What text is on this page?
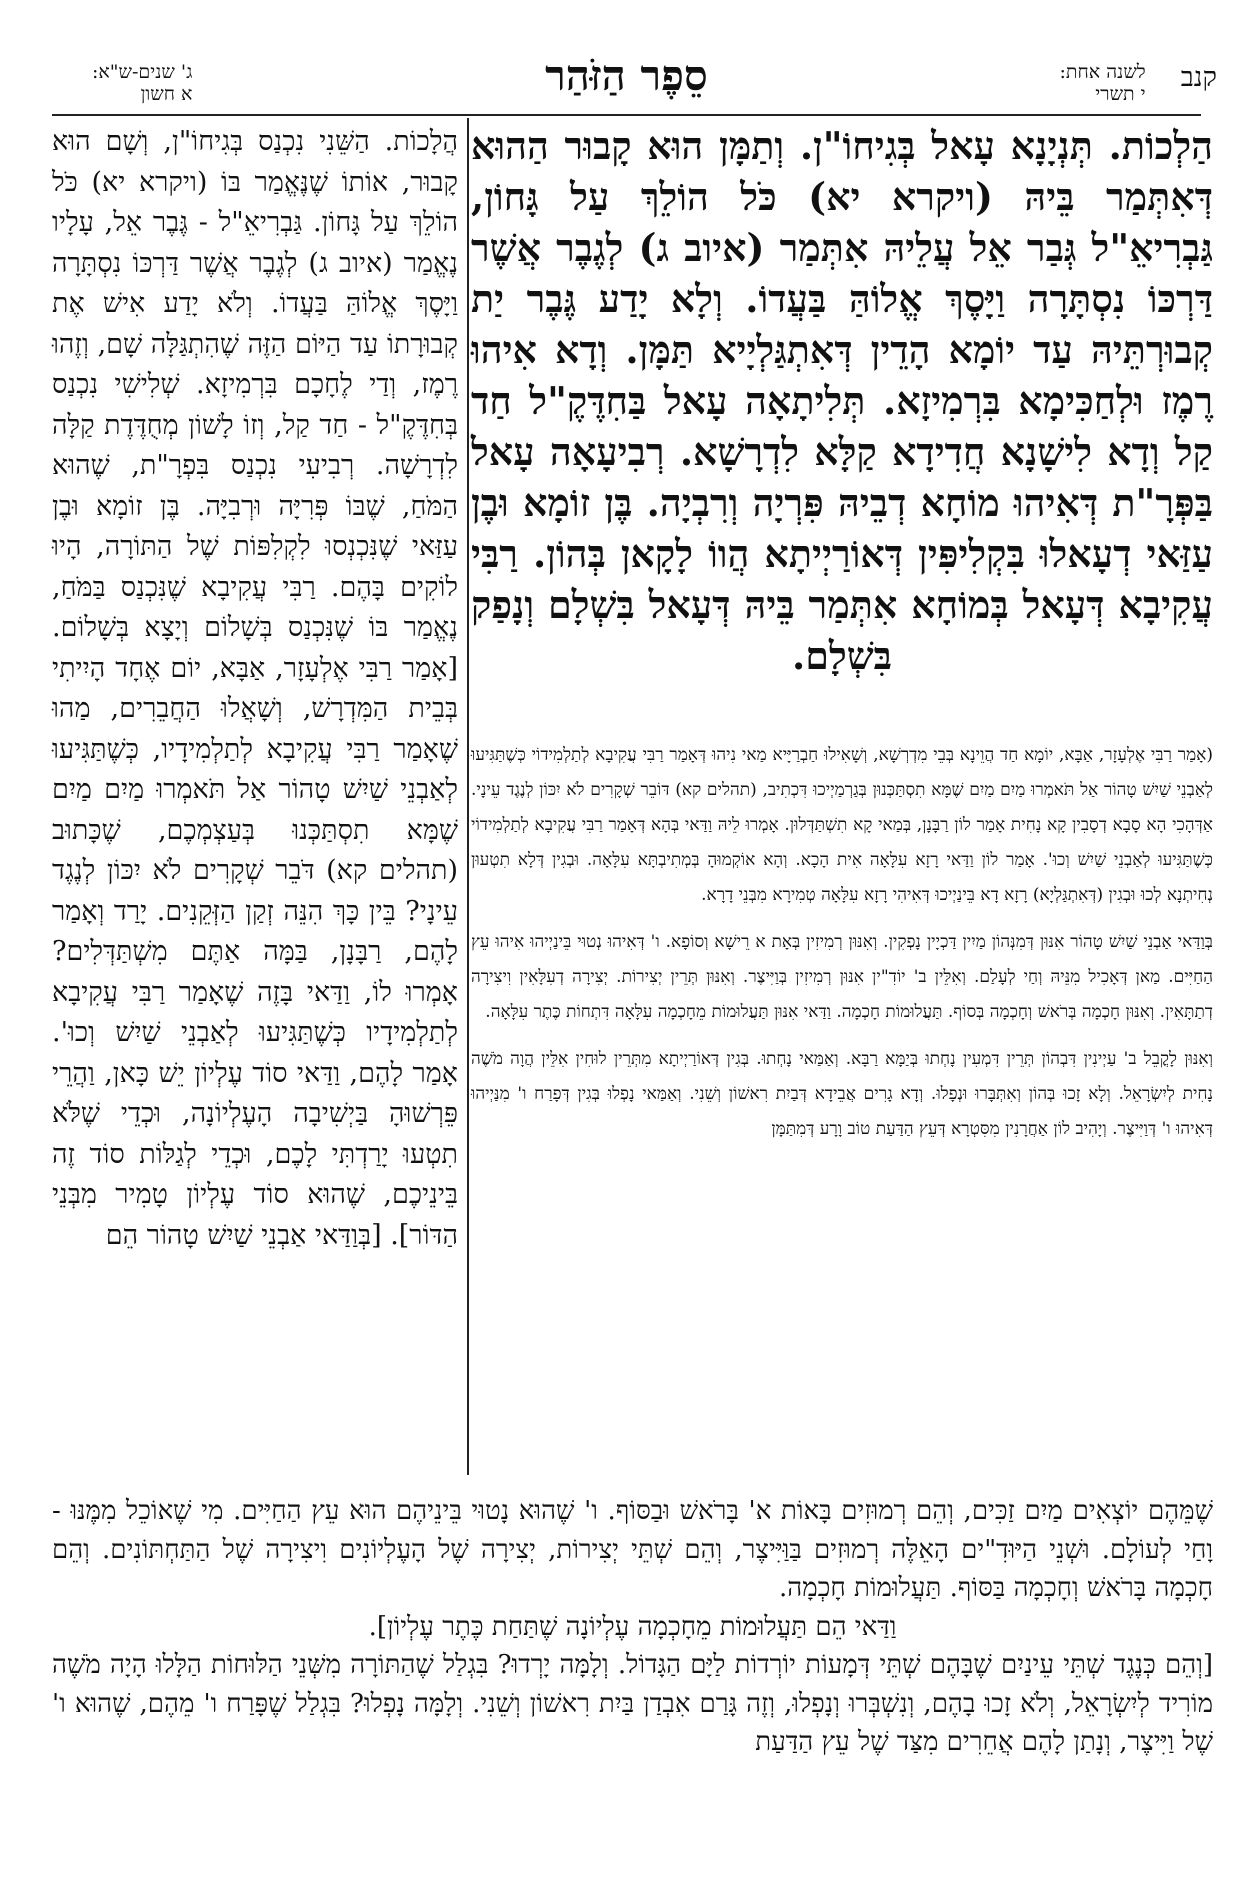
קנב
לשנה אחת:
י תשרי
סֵפֶר הַזֹּהַר
ג' שנים-ש"א:
א חשון
הַלְכוֹת. תְּנְיָנָא עָאל בְּגִיחוֹ"ן. וְתַמָּן הוּא קָבוּר הַהוּא דְּאִתְּמַר בֵּיהּ (ויקרא יא) כֹּל הוֹלֵךְ עַל גָּחוֹן, גַּבְרִיאֵ"ל גְּבַר אֵל עֲלֵיהּ אִתְּמַר (איוב ג) לְגֶבֶר אֲשֶׁר דַּרְכּוֹ נִסְתָּרָה וַיָּסֶךְ אֱלוֹהַּ בַּעֲדוֹ. וְלָא יָדַע גֶּבֶר יַת קְבוּרְתֵּיהּ עַד יוֹמָא הָדֵין דְּאִתְגַּלְיָיא תַּמָּן. וְדָא אִיהוּ רֶמֶז וּלְחַכִּימָא בִּרְמִיזָא. תְּלִיתָאָה עָאל בַּחִדֶּקֶ"ל חַד קַל וְדָא לִישָׁנָא חֲדִידָא קַלָּא לִדְרָשָׁא. רְבִיעָאָה עָאל בַּפְּרָ"ת דְּאִיהוּ מוֹחָא דְבֵיהּ פִּרְיָה וְרִבְיָה. בֶּן זוֹמָא וּבֶן עַזַּאי דְעָאלוּ בִּקְלִיפִּין דְּאוֹרַיְיתָא הֲווֹ לָקָאן בְּהוֹן. רַבִּי עֲקִיבָא דְּעָאל בְּמוֹחָא אִתְּמַר בֵּיהּ דְּעָאל בִּשְׁלָם וְנָפַק בִּשְׁלָם.

(אָמַר רַבִּי אֶלְעָזָר, אַבָּא, יוֹמָא חַד הֲוֵינָא בְּבֵי מִדְרְשָׁא, וְשָׁאִילוּ חַבְרַיָּיא מַאי נִיהוּ דְּאָמַר רַבִּי עֲקִיבָא לְתַלְמִידוֹי כְּשֶׁתַּגִּיעוּ לְאַבְנֵי שַׁיִשׁ טָהוֹר אַל תֹּאמְרוּ מַיִם מַיִם שֶׁמָּא תִסְתַּכְּנוּן בְּגַרְמַיְיכוּ דִּכְתִיב, (תהלים קא) דּוֹבֵר שְׁקָרִים לֹא יִכּוֹן לְנֶגֶד עֵינָי. אַדְּהָכִי הָא סָבָא דְסָבִין קָא נָחִית אָמַר לוֹן רַבָּנָן, בְּמַאי קָא תִשְׁתַּדְּלוּן. אָמְרוּ לֵיהּ וַדַּאי בְּהָא דְּאָמַר רַבִּי עֲקִיבָא לְתַלְמִידוֹי כְּשֶׁתַּגִּיעוּ לְאַבְנֵי שַׁיִשׁ וְכוּ'. אָמַר לוֹן וַדַּאי רָזָא עִלָּאָה אִית הָכָא. וְהָא אוֹקְמוּהָ בְּמְתִיבְתָּא עִלָּאָה. וּבְגִין דְּלָא תִטְעוּן נְחִיתְנָא לְכוּ וּבְגִין (דְּאִתְגַּלְיָא) רָזָא דָא בֵּינַיְיכוּ דְּאִיהִי רָזָא עִלָּאָה טְמִירָא מִבְּנֵי דָרָא.

בְּוַדַּאי אַבְנֵי שַׁיִשׁ טָהוֹר אִנּוּן דְּמִנְּהוֹן מַיִין דַּכְיָין נָפְקִין. וְאִנּוּן רְמִיזִין בְּאָת א רֵישָׁא וְסוֹפָא. ו' דְּאִיהוּ נְטוּי בֵּינַיְיהוּ אִיהוּ עֵץ הַחַיִּים. מַאן דְּאָכִיל מִנֵּיהּ וְחַי לְעָלַם. וְאִלֵּין ב' יוֹדִ"ין אִנּוּן רְמִיזִין בְּוַיִּיצֶר. וְאִנּוּן תְּרֵין יְצִירוֹת. יְצִירָה דְעִלָּאִין וִיצִירָה דְתַתָּאִין. וְאִנּוּן חָכְמָה בְּרֹאשׁ וְחָכְמָה בְּסוֹף. תַּעֲלוּמוֹת חָכְמָה. וַדַּאי אִנּוּן תַּעֲלוּמוֹת מֵחָכְמָה עִלָּאָה דִּתְחוֹת כֶּתֶר עִלָּאָה.

וְאִנּוּן לָקֳבֵל ב' עַיְינִין דִּבְהוֹן תְּרֵין דִּמְעִין נָחְתוּ בְּיַמָּא רַבָּא. וְאַמַּאי נָחְתוּ. בְּגִין דְּאוֹרַיְיתָא מִתְּרֵין לוּחִין אִלֵּין הֲוָה מֹשֶׁה נָחִית לְיִשְׂרָאֵל. וְלָא זָכוּ בְּהוֹן וְאִתְּבָּרוּ וּנְפָלוּ. וְדָא גָרִים אֲבֵידָא דְּבַיִת רִאשׁוֹן וְשֵׁנִי. וְאַמַּאי נָפְלוּ בְּגִין דְּפָרַח ו' מִנַּיְיהוּ דְּאִיהוּ ו' דְּוַיִּיצֶר. וְיָהִיב לוֹן אַחֲרָנִין מִסִּטְרָא דְּעֵץ הַדַּעַת טוֹב וָרָע דְּמִתַּמָּן

הֲלָכוֹת. הַשֵּׁנִי נִכְנַס בְּגִיחוֹ"ן, וְשָׁם הוּא קָבוּר, אוֹתוֹ שֶׁנֶּאֱמַר בּוֹ (ויקרא יא) כֹּל הוֹלֵךְ עַל גָּחוֹן. גַּבְרִיאֵ"ל - גֶּבֶר אֵל, עָלָיו נֶאֱמַר (איוב ג) לְגֶבֶר אֲשֶׁר דַּרְכּוֹ נִסְתָּרָה וַיָּסֶךְ אֱלוֹהַּ בַּעֲדוֹ. וְלֹא יָדַע אִישׁ אֶת קְבוּרָתוֹ עַד הַיּוֹם הַזֶּה שֶׁהִתְגַּלָּה שָׁם, וְזֶהוּ רֶמֶז, וְדַי לֶחָכָם בִּרְמִיזָא. שְׁלִישִׁי נִכְנַס בְּחִדֶּקֶ"ל - חַד קַל, וְזוֹ לָשׁוֹן מְחֻדֶּדֶת קַלָּה לִדְרָשָׁה. רְבִיעִי נִכְנַס בִּפְרָ"ת, שֶׁהוּא הַמֹּחַ, שֶׁבּוֹ פְּרִיָּה וּרְבִיָּה. בֶּן זוֹמָא וּבֶן עַזַּאי שֶׁנִּכְנְסוּ לִקְלִפּוֹת שֶׁל הַתּוֹרָה, הָיוּ לוֹקִים בָּהֶם. רַבִּי עֲקִיבָא שֶׁנִּכְנַס בַּמֹּחַ, נֶאֱמַר בּוֹ שֶׁנִּכְנַס בְּשָׁלוֹם וְיָצָא בְּשָׁלוֹם. [אָמַר רַבִּי אֶלְעָזָר, אַבָּא, יוֹם אֶחָד הָיִיתִי בְּבֵית הַמִּדְרָשׁ, וְשָׁאֲלוּ הַחֲבֵרִים, מַהוּ שֶׁאָמַר רַבִּי עֲקִיבָא לְתַלְמִידָיו, כְּשֶׁתַּגִּיעוּ לְאַבְנֵי שַׁיִשׁ טָהוֹר אַל תֹּאמְרוּ מַיִם מַיִם שֶׁמָּא תִסְתַּכְּנוּ בְּעַצְמְכֶם, שֶׁכָּתוּב (תהלים קא) דֹּבֵר שְׁקָרִים לֹא יִכּוֹן לְנֶגֶד עֵינָי? בֵּין כָּךְ הִנֵּה זְקַן הַזְּקֵנִים. יָרַד וְאָמַר לָהֶם, רַבָּנָן, בַּמָּה אַתֶּם מִשְׁתַּדְּלִים? אָמְרוּ לוֹ, וַדַּאי בָּזֶה שֶׁאָמַר רַבִּי עֲקִיבָא לְתַלְמִידָיו כְּשֶׁתַּגִּיעוּ לְאַבְנֵי שַׁיִשׁ וְכוּ'. אָמַר לָהֶם, וַדַּאי סוֹד עֶלְיוֹן יֵשׁ כָּאן, וַהֲרֵי פֵּרְשׁוּהָ בַּיְשִׁיבָה הָעֶלְיוֹנָה, וּכְדֵי שֶׁלֹּא תִטְעוּ יָרַדְתִּי לָכֶם, וּכְדֵי לְגַלּוֹת סוֹד זֶה בֵּינֵיכֶם, שֶׁהוּא סוֹד עֶלְיוֹן טָמִיר מִבְּנֵי הַדּוֹר]. [בְּוַדַּאי אַבְנֵי שַׁיִשׁ טָהוֹר הֵם

שֶׁמֵּהֶם יוֹצְאִים מַיִם זַכִּים, וְהֵם רְמוּזִים בָּאוֹת א' בָּרֹאשׁ וּבַסּוֹף. ו' שֶׁהוּא נָטוּי בֵּינֵיהֶם הוּא עֵץ הַחַיִּים. מִי שֶׁאוֹכֵל מִמֶּנּוּ - וָחַי לְעוֹלָם. וּשְׁנֵי הַיּוּדִ"ים הָאֵלֶּה רְמוּזִים בַּוַּיִּיצֶר, וְהֵם שְׁתֵּי יְצִירוֹת, יְצִירָה שֶׁל הָעֶלְיוֹנִים וִיצִירָה שֶׁל הַתַּחְתּוֹנִים. וְהֵם חָכְמָה בָּרֹאשׁ וְחָכְמָה בַּסּוֹף. תַּעֲלוּמוֹת חָכְמָה.

וַדַּאי הֵם תַּעֲלוּמוֹת מֵחָכְמָה עֶלְיוֹנָה שֶׁתַּחַת כֶּתֶר עֶלְיוֹן].

[וְהֵם כְּנֶגֶד שְׁתֵּי עֵינַיִם שֶׁבָּהֶם שְׁתֵּי דְּמָעוֹת יוֹרְדוֹת לַיָּם הַגָּדוֹל. וְלָמָּה יָרְדוּ? בִּגְלַל שֶׁהַתּוֹרָה מִשְּׁנֵי הַלּוּחוֹת הַלָּלוּ הָיָה מֹשֶׁה מוֹרִיד לְיִשְׂרָאֵל, וְלֹא זָכוּ בָהֶם, וְנִשְׁבְּרוּ וְנָפְלוּ, וְזֶה גָּרַם אִבְדַן בַּיִת רִאשׁוֹן וְשֵׁנִי. וְלָמָּה נָפְלוּ? בִּגְלַל שֶׁפָּרַח ו' מֵהֶם, שֶׁהוּא ו' שֶׁל וַיִּיצֶר, וְנָתַן לָהֶם אֲחֵרִים מִצַּד שֶׁל עֵץ הַדַּעַת
